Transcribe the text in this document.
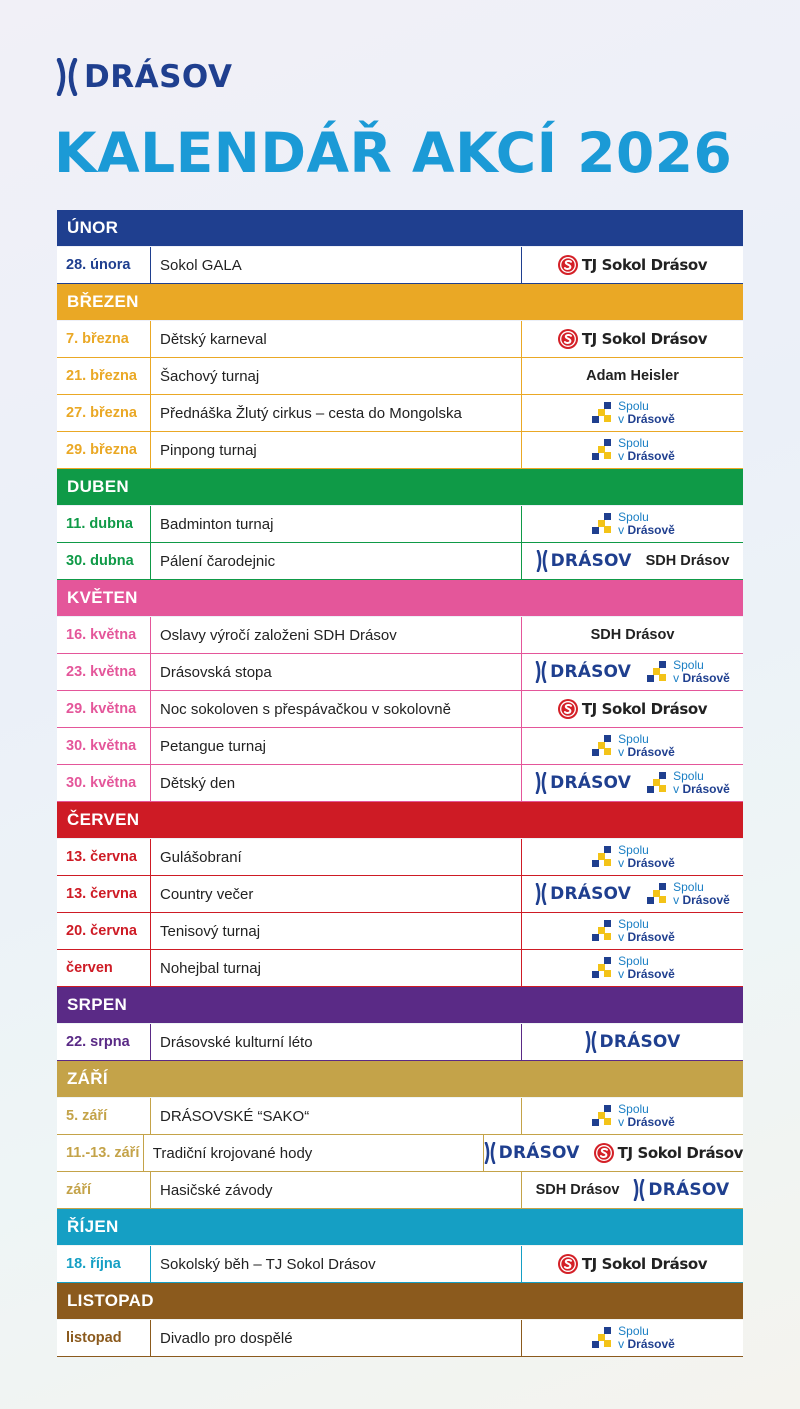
DRÁSOV
KALENDÁŘ AKCÍ 2026
ÚNOR
28. února	Sokol GALA	TJ Sokol Drásov
BŘEZEN
7. března	Dětský karneval	TJ Sokol Drásov
21. března	Šachový turnaj	Adam Heisler
27. března	Přednáška Žlutý cirkus – cesta do Mongolska	Spolu
v Drásově
29. března	Pinpong turnaj	Spolu
v Drásově
DUBEN
11. dubna	Badminton turnaj	Spolu
v Drásově
30. dubna	Pálení čarodejnic	DRÁSOV SDH Drásov
KVĚTEN
16. května	Oslavy výročí založeni SDH Drásov	SDH Drásov
23. května	Drásovská stopa	DRÁSOV	Spolu
v Drásově
29. května	Noc sokoloven s přespávačkou v sokolovně	TJ Sokol Drásov
30. května	Petangue turnaj	Spolu
v Drásově
30. května	Dětský den	DRÁSOV	Spolu
v Drásově
ČERVEN
13. června	Gulášobraní	Spolu
v Drásově
13. června	Country večer	DRÁSOV	Spolu
v Drásově
20. června	Tenisový turnaj	Spolu
v Drásově
červen	Nohejbal turnaj	Spolu
v Drásově
SRPEN
22. srpna	Drásovské kulturní léto	DRÁSOV
ZÁŘÍ
5. září	DRÁSOVSKÉ “SAKO“	Spolu
v Drásově
11.-13. září Tradiční krojované hody	DRÁSOV	TJ Sokol Drásov
září	Hasičské závody	SDH Drásov DRÁSOV
ŘÍJEN
18. října	Sokolský běh – TJ Sokol Drásov	TJ Sokol Drásov
LISTOPAD
listopad	Divadlo pro dospělé	Spolu
v Drásově
